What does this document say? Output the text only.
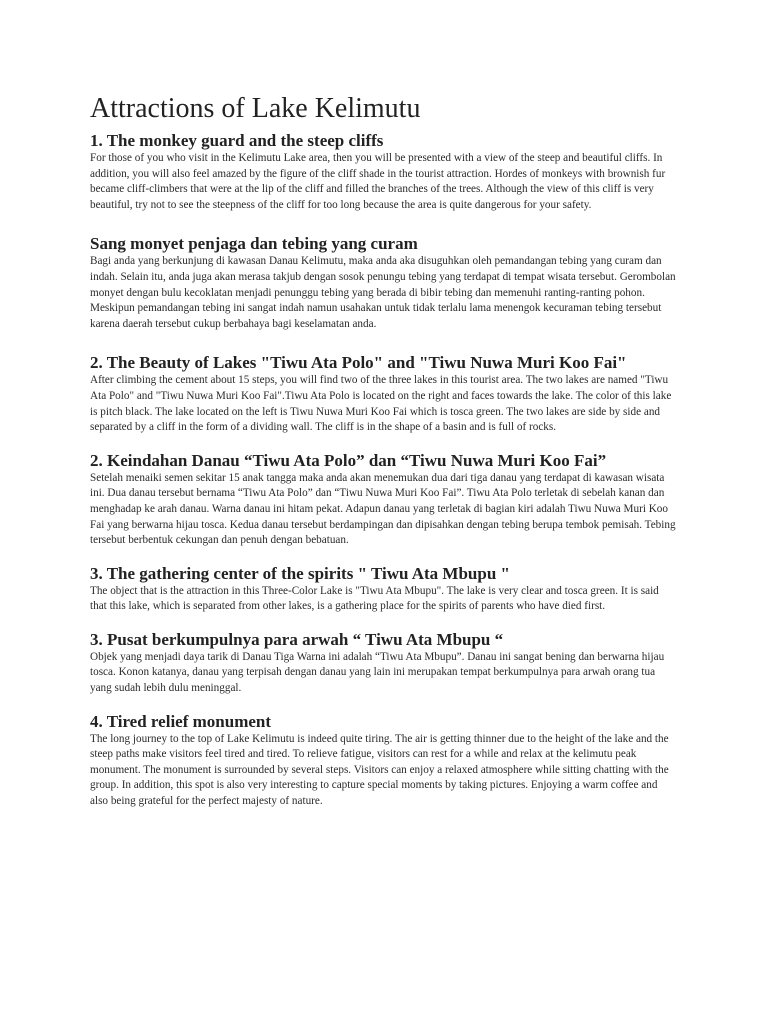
Attractions of Lake Kelimutu
1. The monkey guard and the steep cliffs

For those of you who visit in the Kelimutu Lake area, then you will be presented with a view of the steep and beautiful cliffs. In addition, you will also feel amazed by the figure of the cliff shade in the tourist attraction. Hordes of monkeys with brownish fur became cliff-climbers that were at the lip of the cliff and filled the branches of the trees. Although the view of this cliff is very beautiful, try not to see the steepness of the cliff for too long because the area is quite dangerous for your safety.

Sang monyet penjaga dan tebing yang curam

Bagi anda yang berkunjung di kawasan Danau Kelimutu, maka anda aka disuguhkan oleh pemandangan tebing yang curam dan indah. Selain itu, anda juga akan merasa takjub dengan sosok penungu tebing yang terdapat di tempat wisata tersebut. Gerombolan monyet dengan bulu kecoklatan menjadi penunggu tebing yang berada di bibir tebing dan memenuhi ranting-ranting pohon. Meskipun pemandangan tebing ini sangat indah namun usahakan untuk tidak terlalu lama menengok kecuraman tebing tersebut karena daerah tersebut cukup berbahaya bagi keselamatan anda.

2. The Beauty of Lakes "Tiwu Ata Polo" and "Tiwu Nuwa Muri Koo Fai"

After climbing the cement about 15 steps, you will find two of the three lakes in this tourist area. The two lakes are named "Tiwu Ata Polo" and "Tiwu Nuwa Muri Koo Fai".Tiwu Ata Polo is located on the right and faces towards the lake. The color of this lake is pitch black. The lake located on the left is Tiwu Nuwa Muri Koo Fai which is tosca green. The two lakes are side by side and separated by a cliff in the form of a dividing wall. The cliff is in the shape of a basin and is full of rocks.

2. Keindahan Danau “Tiwu Ata Polo” dan “Tiwu Nuwa Muri Koo Fai”

Setelah menaiki semen sekitar 15 anak tangga maka anda akan menemukan dua dari tiga danau yang terdapat di kawasan wisata ini. Dua danau tersebut bernama “Tiwu Ata Polo” dan “Tiwu Nuwa Muri Koo Fai”. Tiwu Ata Polo terletak di sebelah kanan dan menghadap ke arah danau. Warna danau ini hitam pekat. Adapun danau yang terletak di bagian kiri adalah Tiwu Nuwa Muri Koo Fai yang berwarna hijau tosca. Kedua danau tersebut berdampingan dan dipisahkan dengan tebing berupa tembok pemisah. Tebing tersebut berbentuk cekungan dan penuh dengan bebatuan.

3. The gathering center of the spirits " Tiwu Ata Mbupu "

The object that is the attraction in this Three-Color Lake is "Tiwu Ata Mbupu". The lake is very clear and tosca green. It is said that this lake, which is separated from other lakes, is a gathering place for the spirits of parents who have died first.

3. Pusat berkumpulnya para arwah “ Tiwu Ata Mbupu “

Objek yang menjadi daya tarik di Danau Tiga Warna ini adalah “Tiwu Ata Mbupu”. Danau ini sangat bening dan berwarna hijau tosca. Konon katanya, danau yang terpisah dengan danau yang lain ini merupakan tempat berkumpulnya para arwah orang tua yang sudah lebih dulu meninggal.

4. Tired relief monument

The long journey to the top of Lake Kelimutu is indeed quite tiring. The air is getting thinner due to the height of the lake and the steep paths make visitors feel tired and tired. To relieve fatigue, visitors can rest for a while and relax at the kelimutu peak monument. The monument is surrounded by several steps. Visitors can enjoy a relaxed atmosphere while sitting chatting with the group. In addition, this spot is also very interesting to capture special moments by taking pictures. Enjoying a warm coffee and also being grateful for the perfect majesty of nature.
